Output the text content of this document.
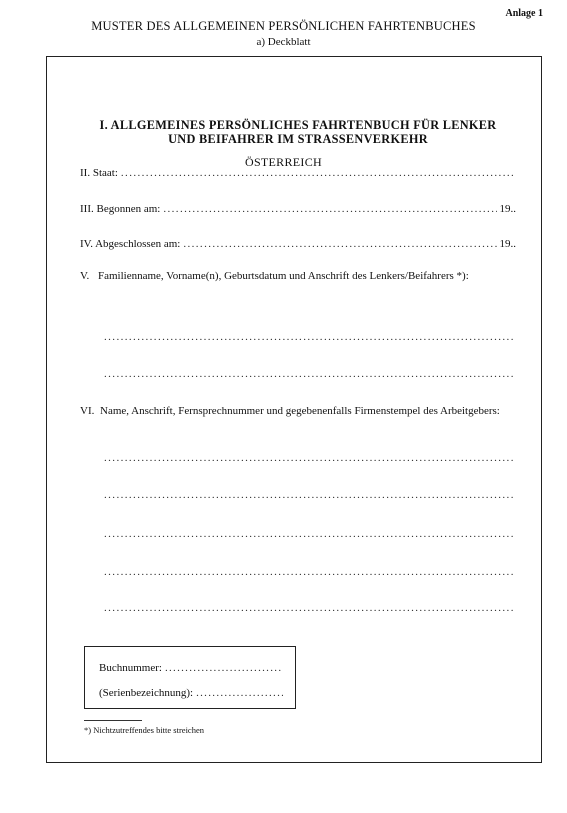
Anlage 1
MUSTER DES ALLGEMEINEN PERSÖNLICHEN FAHRTENBUCHES
a) Deckblatt
I. ALLGEMEINES PERSÖNLICHES FAHRTENBUCH FÜR LENKER
UND BEIFAHRER IM STRASSENVERKEHR
ÖSTERREICH
II. Staat:
.....
III. Begonnen am: .....	19..
IV. Abgeschlossen am: .....	19..
V. Familienname, Vorname(n), Geburtsdatum und Anschrift des Lenkers/Beifahrers *):
.....
.....
VI. Name, Anschrift, Fernsprechnummer und gegebenenfalls Firmenstempel des Arbeitgebers:
.....
.....
.....
.....
.....
Buchnummer:
.....
(Serienbezeichnung):
.....
*) Nichtzutreffendes bitte streichen
